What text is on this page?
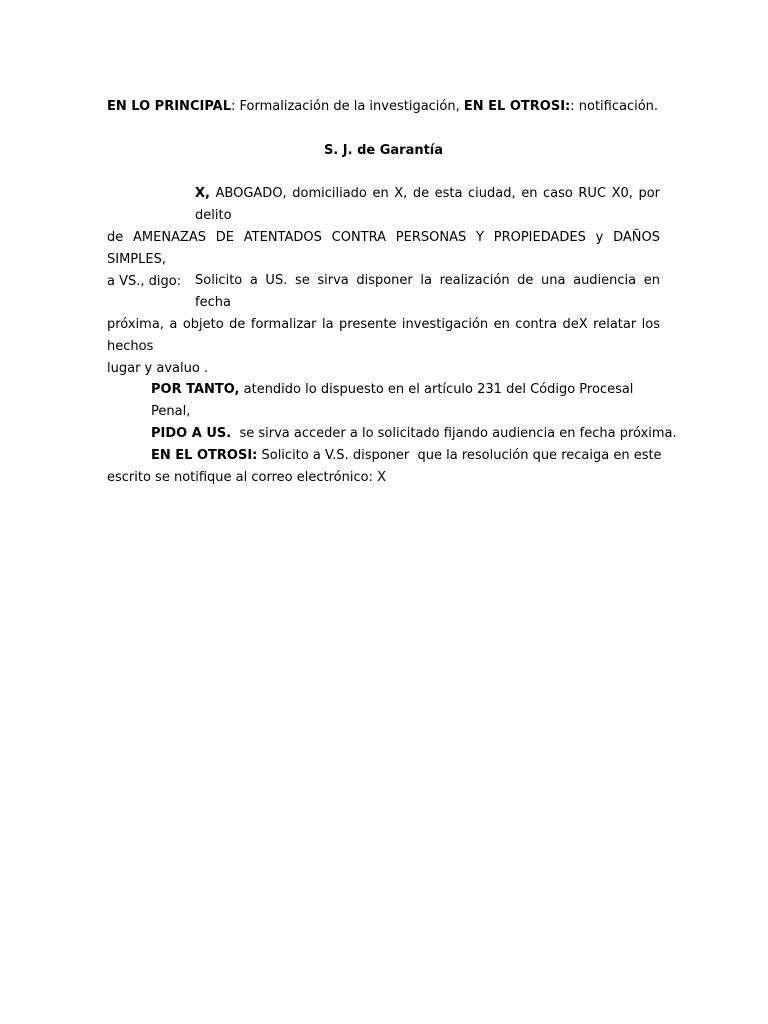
EN LO PRINCIPAL: Formalización de la investigación, EN EL OTROSI:: notificación.
S. J. de Garantía
X, ABOGADO, domiciliado en X, de esta ciudad, en caso RUC X0, por delito
de AMENAZAS DE ATENTADOS CONTRA PERSONAS Y PROPIEDADES y DAÑOS SIMPLES,
a VS., digo:	Solicito a US. se sirva disponer la realización de una audiencia en fecha
próxima, a objeto de formalizar la presente investigación en contra deX relatar los hechos
lugar y avaluo .
POR TANTO, atendido lo dispuesto en el artículo 231 del Código Procesal Penal,
PIDO A US.  se sirva acceder a lo solicitado fijando audiencia en fecha próxima.
EN EL OTROSI: Solicito a V.S. disponer  que la resolución que recaiga en este
escrito se notifique al correo electrónico: X
